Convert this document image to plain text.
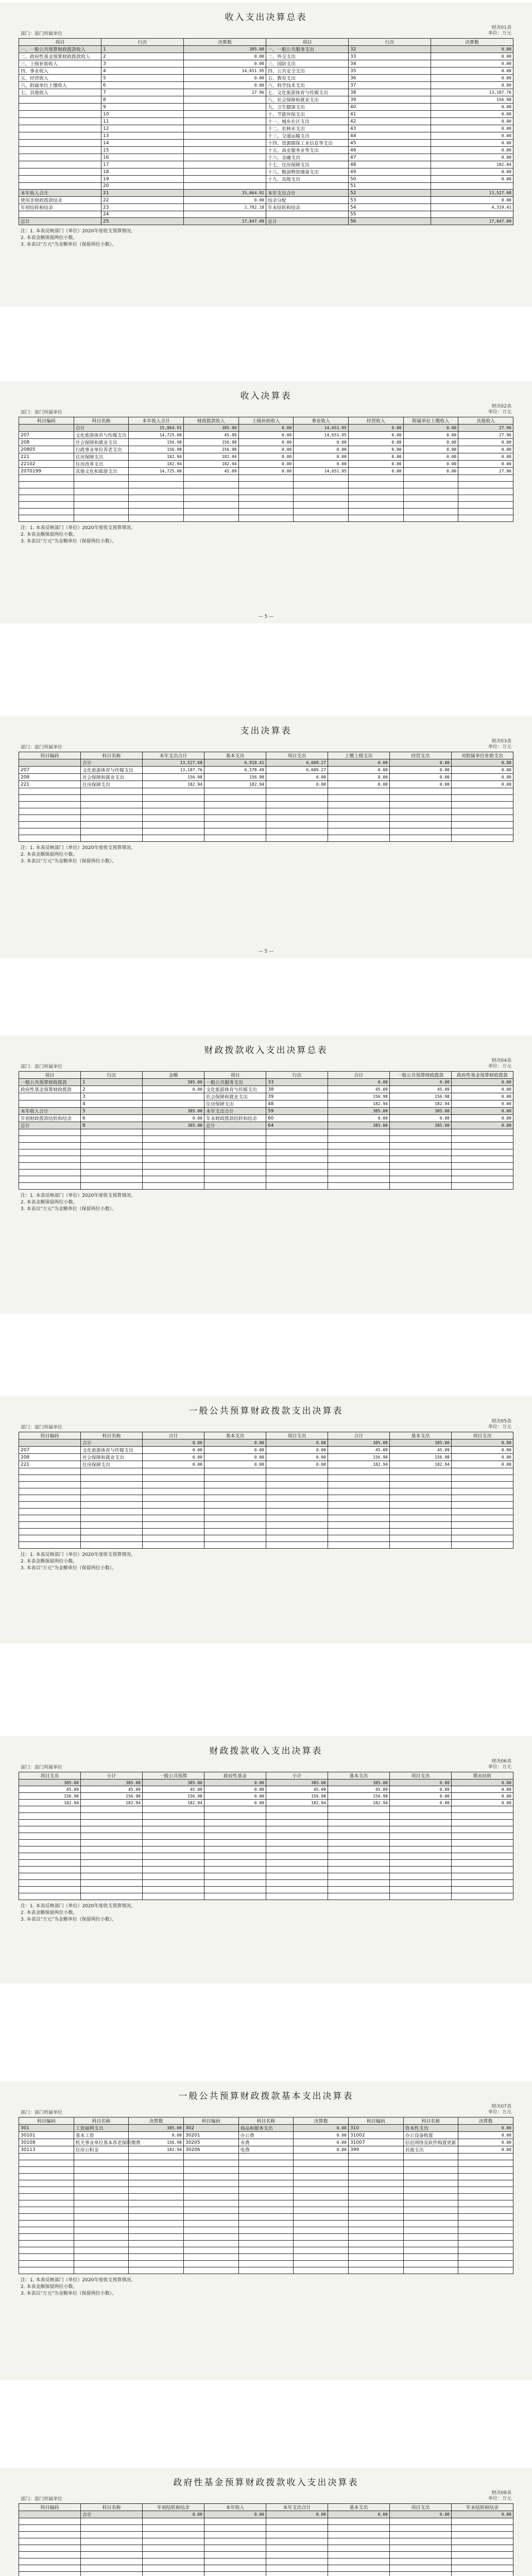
收入支出决算总表
部门：部门所属单位
财决01表
单位：万元
项目	行次	决算数	项目	行次	决算数
一、一般公共预算财政拨款收入	1	385.00	一、一般公共服务支出	32	0.00
二、政府性基金预算财政拨款收入	2	0.00	二、外交支出	33	0.00
三、上级补助收入	3	0.00	三、国防支出	34	0.00
四、事业收入	4	14,651.95	四、公共安全支出	35	0.00
五、经营收入	5	0.00	五、教育支出	36	0.00
六、附属单位上缴收入	6	0.00	六、科学技术支出	37	0.00
七、其他收入	7	27.96	七、文化旅游体育与传媒支出	38	13,187.76
	8		八、社会保障和就业支出	39	156.98
	9		九、卫生健康支出	40	0.00
	10		十、节能环保支出	41	0.00
	11		十一、城乡社区支出	42	0.00
	12		十二、农林水支出	43	0.00
	13		十三、交通运输支出	44	0.00
	14		十四、资源勘探工业信息等支出	45	0.00
	15		十五、商业服务业等支出	46	0.00
	16		十六、金融支出	47	0.00
	17		十七、住房保障支出	48	182.94
	18		十八、粮油物资储备支出	49	0.00
	19		十九、其他支出	50	0.00
	20			51	
本年收入合计	21	15,064.91	本年支出合计	52	13,527.68
使用非财政拨款结余	22	0.00	结余分配	53	0.00
年初结转和结余	23	2,782.18	年末结转和结余	54	4,319.41
	24			55	
总计	25	17,847.09	总计	56	17,847.09
注：1. 本表反映部门（单位）2020年度收支预算情况。
2. 本表金额保留两位小数。
3. 本表以"万元"为金额单位（保留两位小数）。
收入决算表
部门：部门所属单位
财决02表
单位：万元
科目编码	科目名称	本年收入合计	财政拨款收入	上级补助收入	事业收入	经营收入	附属单位上缴收入	其他收入
	合计	15,064.91	385.00	0.00	14,651.95	0.00	0.00	27.96
207	文化旅游体育与传媒支出	14,725.00	45.09	0.00	14,651.95	0.00	0.00	27.96
208	社会保障和就业支出	156.98	156.98	0.00	0.00	0.00	0.00	0.00
20805	行政事业单位养老支出	156.98	156.98	0.00	0.00	0.00	0.00	0.00
221	住房保障支出	182.94	182.94	0.00	0.00	0.00	0.00	0.00
22102	住房改革支出	182.94	182.94	0.00	0.00	0.00	0.00	0.00
2070199	其他文化和旅游支出	14,725.00	45.09	0.00	14,651.95	0.00	0.00	27.96

注：1. 本表反映部门（单位）2020年度收支预算情况。
2. 本表金额保留两位小数。
3. 本表以"万元"为金额单位（保留两位小数）。
— 5 —
支出决算表
部门：部门所属单位
财决03表
单位：万元
科目编码	科目名称	本年支出合计	基本支出	项目支出	上缴上级支出	经营支出	对附属单位补助支出
	合计	13,527.68	6,918.41	6,609.27	0.00	0.00	0.00
207	文化旅游体育与传媒支出	13,187.76	6,578.49	6,609.27	0.00	0.00	0.00
208	社会保障和就业支出	156.98	156.98	0.00	0.00	0.00	0.00
221	住房保障支出	182.94	182.94	0.00	0.00	0.00	0.00

注：1. 本表反映部门（单位）2020年度收支预算情况。
2. 本表金额保留两位小数。
3. 本表以"万元"为金额单位（保留两位小数）。
— 5 —
财政拨款收入支出决算总表
部门：部门所属单位
财决04表
单位：万元
项目	行次	金额	项目	行次	合计	一般公共预算财政拨款	政府性基金预算财政拨款
一般公共预算财政拨款	1	385.00	一般公共服务支出	33	0.00	0.00	0.00
政府性基金预算财政拨款	2	0.00	文化旅游体育与传媒支出	38	45.09	45.09	0.00
	3		社会保障和就业支出	39	156.98	156.98	0.00
	4		住房保障支出	48	182.94	182.94	0.00
本年收入合计	5	385.00	本年支出合计	59	385.00	385.00	0.00
年初财政拨款结转和结余	6	0.00	年末财政拨款结转和结余	60	0.00	0.00	0.00
总计	8	385.00	总计	64	385.00	385.00	0.00

注：1. 本表反映部门（单位）2020年度收支预算情况。
2. 本表金额保留两位小数。
3. 本表以"万元"为金额单位（保留两位小数）。
一般公共预算财政拨款支出决算表
部门：部门所属单位
财决05表
单位：万元
科目编码	科目名称	合计	基本支出	项目支出	合计	基本支出	项目支出
	合计	0.00	0.00	0.00	385.00	385.00	0.00
207	文化旅游体育与传媒支出	0.00	0.00	0.00	45.09	45.09	0.00
208	社会保障和就业支出	0.00	0.00	0.00	156.98	156.98	0.00
221	住房保障支出	0.00	0.00	0.00	182.94	182.94	0.00

注：1. 本表反映部门（单位）2020年度收支预算情况。
2. 本表金额保留两位小数。
3. 本表以"万元"为金额单位（保留两位小数）。
财政拨款收入支出决算表
部门：部门所属单位
财决06表
单位：万元
项目支出	小计	一般公共预算	政府性基金	小计	基本支出	项目支出	期末结转
385.00	385.00	385.00	0.00	385.00	385.00	0.00	0.00
45.09	45.09	45.09	0.00	45.09	45.09	0.00	0.00
156.98	156.98	156.98	0.00	156.98	156.98	0.00	0.00
182.94	182.94	182.94	0.00	182.94	182.94	0.00	0.00

注：1. 本表反映部门（单位）2020年度收支预算情况。
2. 本表金额保留两位小数。
3. 本表以"万元"为金额单位（保留两位小数）。
一般公共预算财政拨款基本支出决算表
部门：部门所属单位
财决07表
单位：万元
科目编码	科目名称	决算数	科目编码	科目名称	决算数	科目编码	科目名称	决算数
301	工资福利支出	385.00	302	商品和服务支出	0.00	310	资本性支出	0.00
30101	基本工资	0.00	30201	办公费	0.00	31002	办公设备购置	0.00
30108	机关事业单位基本养老保险缴费	156.98	30205	水费	0.00	31007	信息网络及软件购置更新	0.00
30113	住房公积金	182.94	30206	电费	0.00	399	其他支出	0.00

注：1. 本表反映部门（单位）2020年度收支预算情况。
2. 本表金额保留两位小数。
3. 本表以"万元"为金额单位（保留两位小数）。
政府性基金预算财政拨款收入支出决算表
部门：部门所属单位
财决08表
单位：万元
科目编码	科目名称	年初结转和结余	本年收入	本年支出合计	基本支出	项目支出	年末结转和结余
	合计	0.00	0.00	0.00	0.00	0.00	0.00
